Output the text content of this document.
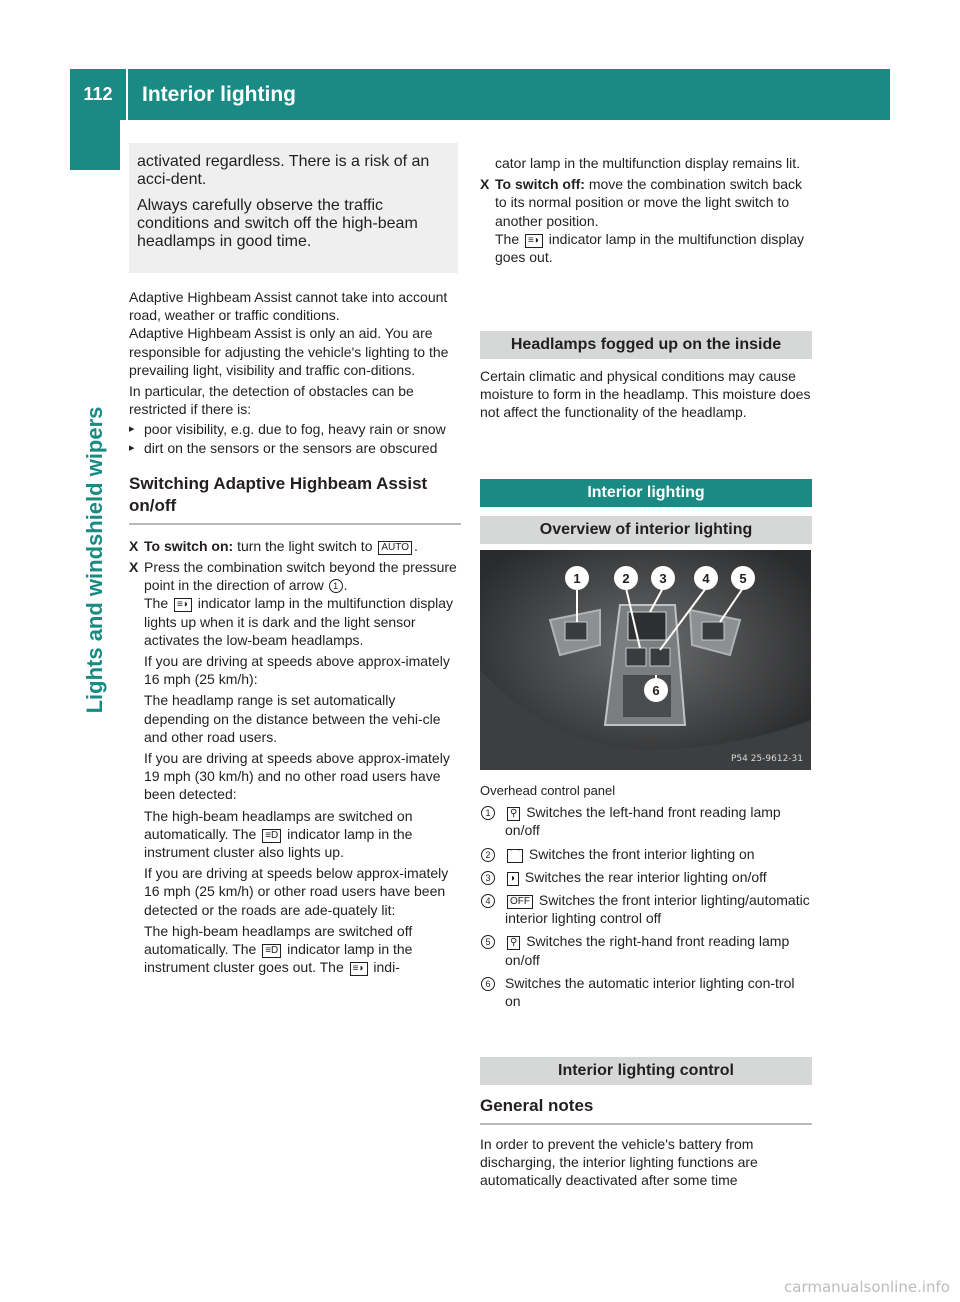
112	Interior lighting
Lights and windshield wipers

activated regardless. There is a risk of an acci-dent.

Always carefully observe the traffic conditions and switch off the high-beam headlamps in good time.

Adaptive Highbeam Assist cannot take into account road, weather or traffic conditions.

Adaptive Highbeam Assist is only an aid. You are responsible for adjusting the vehicle's lighting to the prevailing light, visibility and traffic con-ditions.

In particular, the detection of obstacles can be restricted if there is:

▸ poor visibility, e.g. due to fog, heavy rain or snow
▸ dirt on the sensors or the sensors are obscured
Switching Adaptive Highbeam Assist on/off
X To switch on: turn the light switch to AUTO .
X Press the combination switch beyond the pressure point in the direction of arrow 1 .
The ≡◗ indicator lamp in the multifunction display lights up when it is dark and the light sensor activates the low-beam headlamps.

If you are driving at speeds above approx-imately 16 mph (25 km/h):

The headlamp range is set automatically depending on the distance between the vehi-cle and other road users.

If you are driving at speeds above approx-imately 19 mph (30 km/h) and no other road users have been detected:

The high-beam headlamps are switched on automatically. The ≡D indicator lamp in the instrument cluster also lights up.

If you are driving at speeds below approx-imately 16 mph (25 km/h) or other road users have been detected or the roads are ade-quately lit:

The high-beam headlamps are switched off automatically. The ≡D indicator lamp in the instrument cluster goes out. The ≡◗ indi-

cator lamp in the multifunction display remains lit.

X To switch off: move the combination switch back to its normal position or move the light switch to another position.
The ≡◗ indicator lamp in the multifunction display goes out.
Headlamps fogged up on the inside

Certain climatic and physical conditions may cause moisture to form in the headlamp. This moisture does not affect the functionality of the headlamp.

Interior lighting
Overview of interior lighting
1	2 3	4 5
6
P54 25-9612-31

Overhead control panel

1	⚲ Switches the left-hand front reading lamp on/off
2	⌒ Switches the front interior lighting on
3	◗ Switches the rear interior lighting on/off
4	OFF Switches the front interior lighting/automatic interior lighting control off
5	⚲ Switches the right-hand front reading lamp on/off
6	Switches the automatic interior lighting con-trol on
Interior lighting control
General notes

In order to prevent the vehicle's battery from discharging, the interior lighting functions are automatically deactivated after some time

carmanualsonline.info
